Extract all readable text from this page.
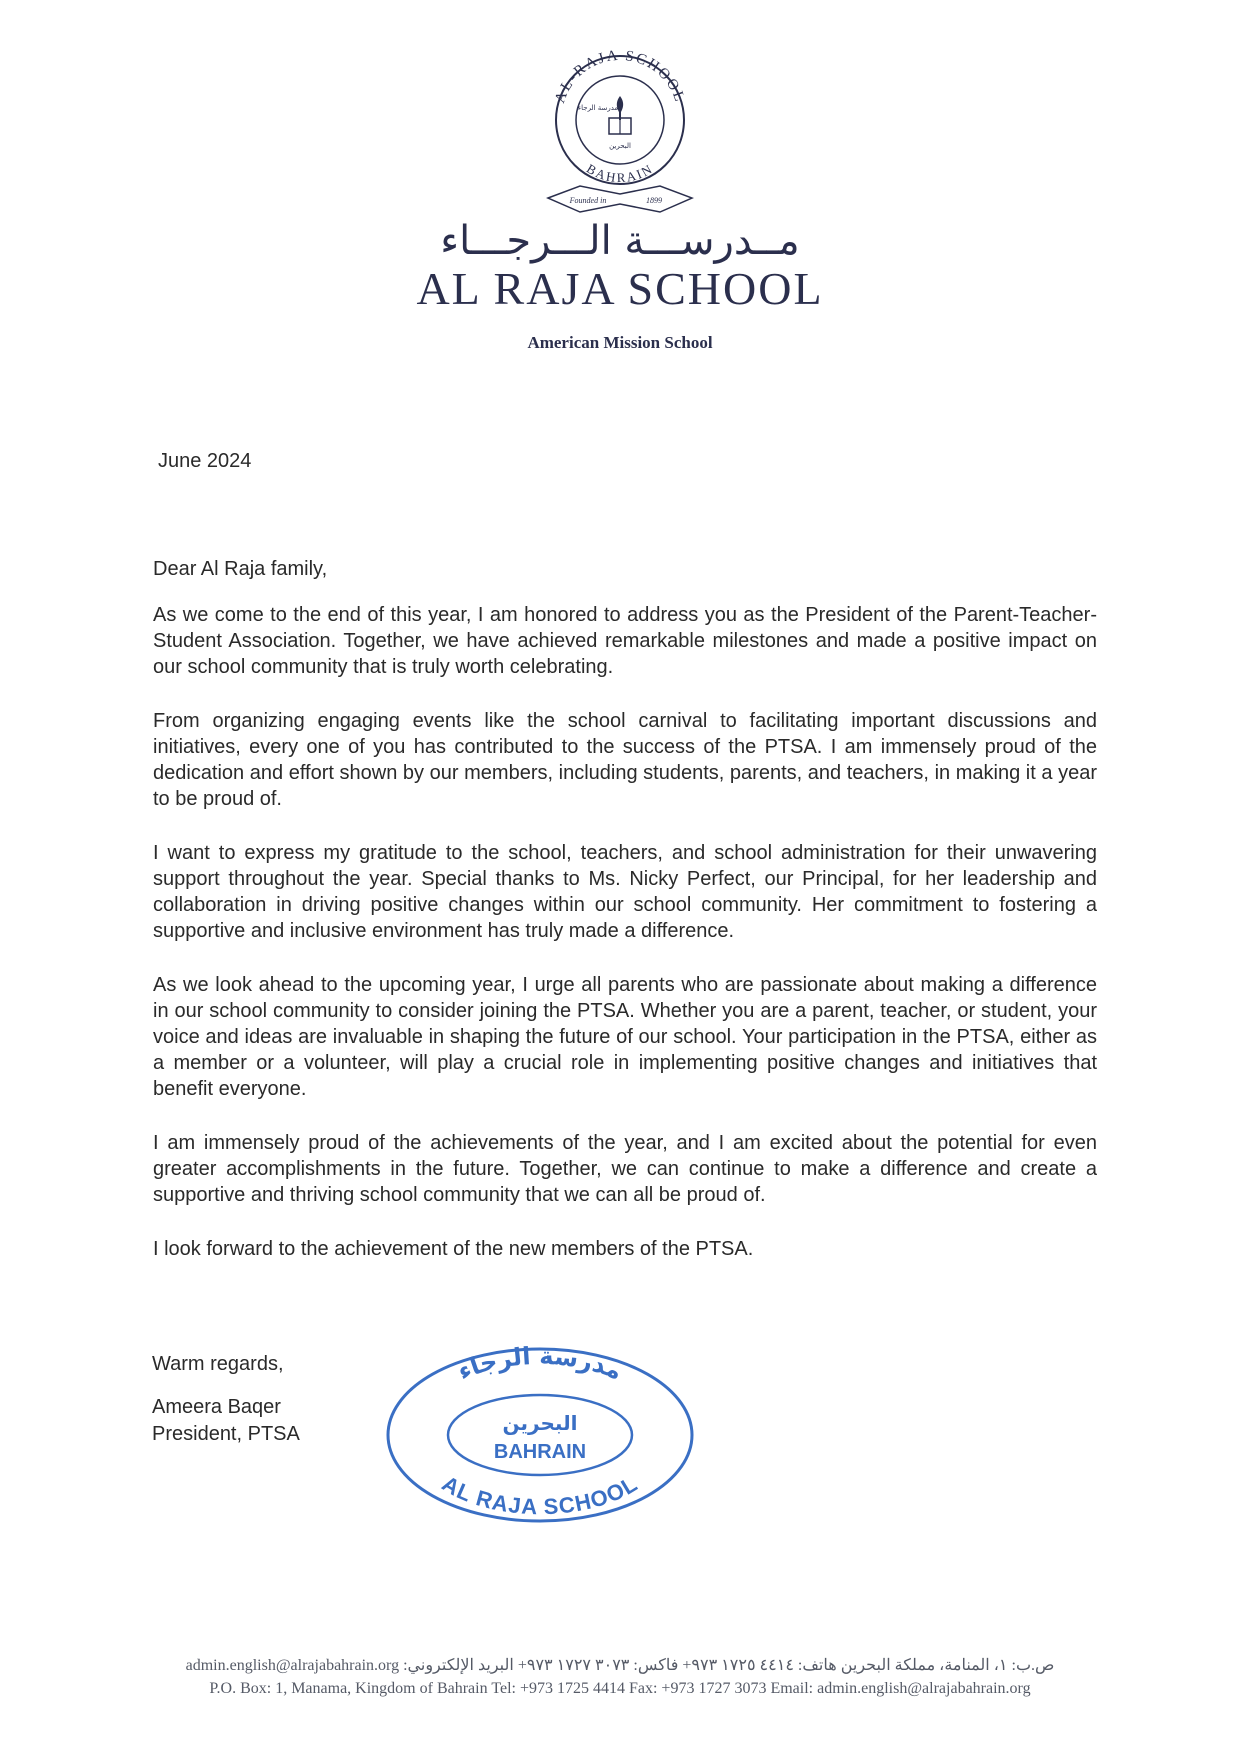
AL-RAJA SCHOOL
BAHRAIN
مدرسة الرجاء
البحرين
Founded in	1899
مــدرســـة الـــرجـــاء
AL RAJA SCHOOL
American Mission School
June 2024

Dear Al Raja family,

As we come to the end of this year, I am honored to address you as the President of the Parent-Teacher-Student Association. Together, we have achieved remarkable milestones and made a positive impact on our school community that is truly worth celebrating.

From organizing engaging events like the school carnival to facilitating important discussions and initiatives, every one of you has contributed to the success of the PTSA. I am immensely proud of the dedication and effort shown by our members, including students, parents, and teachers, in making it a year to be proud of.

I want to express my gratitude to the school, teachers, and school administration for their unwavering support throughout the year. Special thanks to Ms. Nicky Perfect, our Principal, for her leadership and collaboration in driving positive changes within our school community. Her commitment to fostering a supportive and inclusive environment has truly made a difference.

As we look ahead to the upcoming year, I urge all parents who are passionate about making a difference in our school community to consider joining the PTSA. Whether you are a parent, teacher, or student, your voice and ideas are invaluable in shaping the future of our school. Your participation in the PTSA, either as a member or a volunteer, will play a crucial role in implementing positive changes and initiatives that benefit everyone.

I am immensely proud of the achievements of the year, and I am excited about the potential for even greater accomplishments in the future. Together, we can continue to make a difference and create a supportive and thriving school community that we can all be proud of.

I look forward to the achievement of the new members of the PTSA.

Warm regards,
Ameera Baqer
President, PTSA
مدرسة الرجاء
البحرين
BAHRAIN
AL RAJA SCHOOL
ص.ب: ١، المنامة، مملكة البحرين هاتف: ٤٤١٤ ١٧٢٥ ٩٧٣+ فاكس: ٣٠٧٣ ١٧٢٧ ٩٧٣+ البريد الإلكتروني: admin.english@alrajabahrain.org
P.O. Box: 1, Manama, Kingdom of Bahrain Tel: +973 1725 4414 Fax: +973 1727 3073 Email: admin.english@alrajabahrain.org
